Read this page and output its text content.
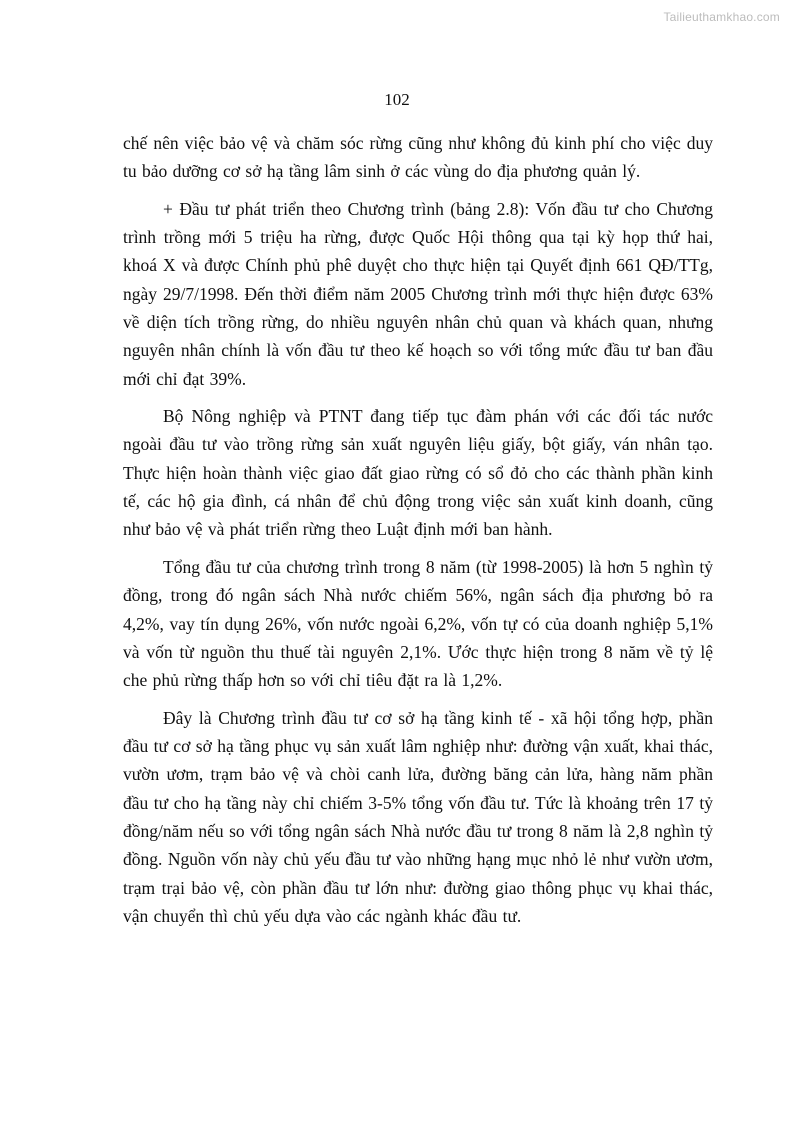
Tailieuthamkhao.com
102

chế nên việc bảo vệ và chăm sóc rừng cũng như không đủ kinh phí cho việc duy tu bảo dưỡng cơ sở hạ tầng lâm sinh ở các vùng do địa phương quản lý.

+ Đầu tư phát triển theo Chương trình (bảng 2.8): Vốn đầu tư cho Chương trình trồng mới 5 triệu ha rừng, được Quốc Hội thông qua tại kỳ họp thứ hai, khoá X và được Chính phủ phê duyệt cho thực hiện tại Quyết định 661 QĐ/TTg, ngày 29/7/1998. Đến thời điểm năm 2005 Chương trình mới thực hiện được 63% về diện tích trồng rừng, do nhiều nguyên nhân chủ quan và khách quan, nhưng nguyên nhân chính là vốn đầu tư theo kế hoạch so với tổng mức đầu tư ban đầu mới chỉ đạt 39%.

Bộ Nông nghiệp và PTNT đang tiếp tục đàm phán với các đối tác nước ngoài đầu tư vào trồng rừng sản xuất nguyên liệu giấy, bột giấy, ván nhân tạo. Thực hiện hoàn thành việc giao đất giao rừng có sổ đỏ cho các thành phần kinh tế, các hộ gia đình, cá nhân để chủ động trong việc sản xuất kinh doanh, cũng như bảo vệ và phát triển rừng theo Luật định mới ban hành.

Tổng đầu tư của chương trình trong 8 năm (từ 1998-2005) là hơn 5 nghìn tỷ đồng, trong đó ngân sách Nhà nước chiếm 56%, ngân sách địa phương bỏ ra 4,2%, vay tín dụng 26%, vốn nước ngoài 6,2%, vốn tự có của doanh nghiệp 5,1% và vốn từ nguồn thu thuế tài nguyên 2,1%. Ước thực hiện trong 8 năm về tỷ lệ che phủ rừng thấp hơn so với chỉ tiêu đặt ra là 1,2%.

Đây là Chương trình đầu tư cơ sở hạ tầng kinh tế - xã hội tổng hợp, phần đầu tư cơ sở hạ tầng phục vụ sản xuất lâm nghiệp như: đường vận xuất, khai thác, vườn ươm, trạm bảo vệ và chòi canh lửa, đường băng cản lửa, hàng năm phần đầu tư cho hạ tầng này chỉ chiếm 3-5% tổng vốn đầu tư. Tức là khoảng trên 17 tỷ đồng/năm nếu so với tổng ngân sách Nhà nước đầu tư trong 8 năm là 2,8 nghìn tỷ đồng. Nguồn vốn này chủ yếu đầu tư vào những hạng mục nhỏ lẻ như vườn ươm, trạm trại bảo vệ, còn phần đầu tư lớn như: đường giao thông phục vụ khai thác, vận chuyển thì chủ yếu dựa vào các ngành khác đầu tư.
